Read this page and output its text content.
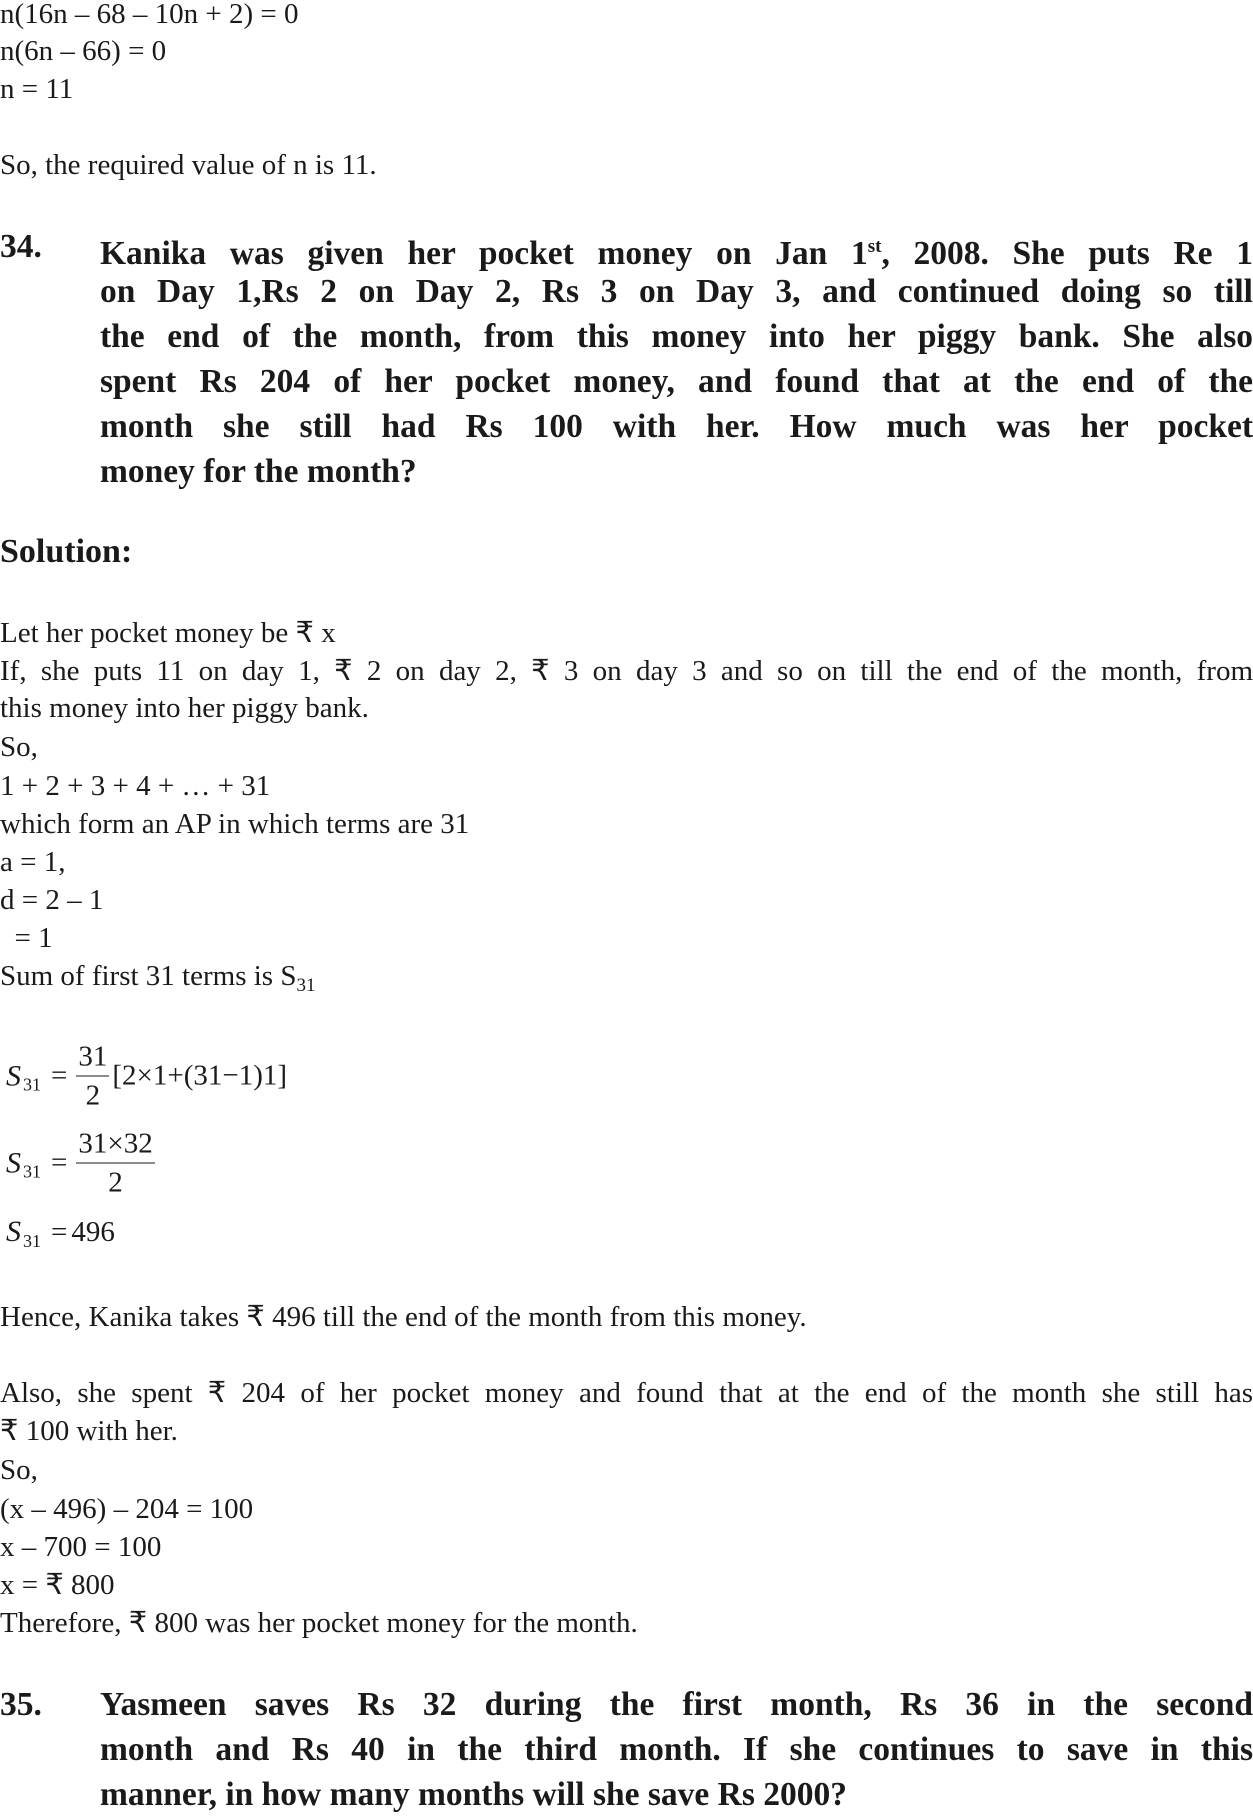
n(16n – 68 – 10n + 2) = 0
n(6n – 66) = 0
n = 11
So, the required value of n is 11.
34. Kanika was given her pocket money on Jan 1st, 2008. She puts Re 1
on Day 1,Rs 2 on Day 2, Rs 3 on Day 3, and continued doing so till
the end of the month, from this money into her piggy bank. She also
spent Rs 204 of her pocket money, and found that at the end of the
month she still had Rs 100 with her. How much was her pocket
money for the month?
Solution:
Let her pocket money be ₹ x
If, she puts 11 on day 1, ₹ 2 on day 2, ₹ 3 on day 3 and so on till the end of the month, from
this money into her piggy bank.
So,
1 + 2 + 3 + 4 + … + 31
which form an AP in which terms are 31
a = 1,
d = 2 – 1
= 1
Sum of first 31 terms is $S_{31}$
S $31 = \frac{31}{2} [2\times 1+(31-1)1]$
S $31 = \frac{31\times 32}{2}$
S 31 = 496
Hence, Kanika takes ₹ 496 till the end of the month from this money.
Also, she spent ₹ 204 of her pocket money and found that at the end of the month she still has
₹ 100 with her.
So,
(x – 496) – 204 = 100
x – 700 = 100
x = ₹ 800
Therefore, ₹ 800 was her pocket money for the month.
35. Yasmeen saves Rs 32 during the first month, Rs 36 in the second
month and Rs 40 in the third month. If she continues to save in this
manner, in how many months will she save Rs 2000?
